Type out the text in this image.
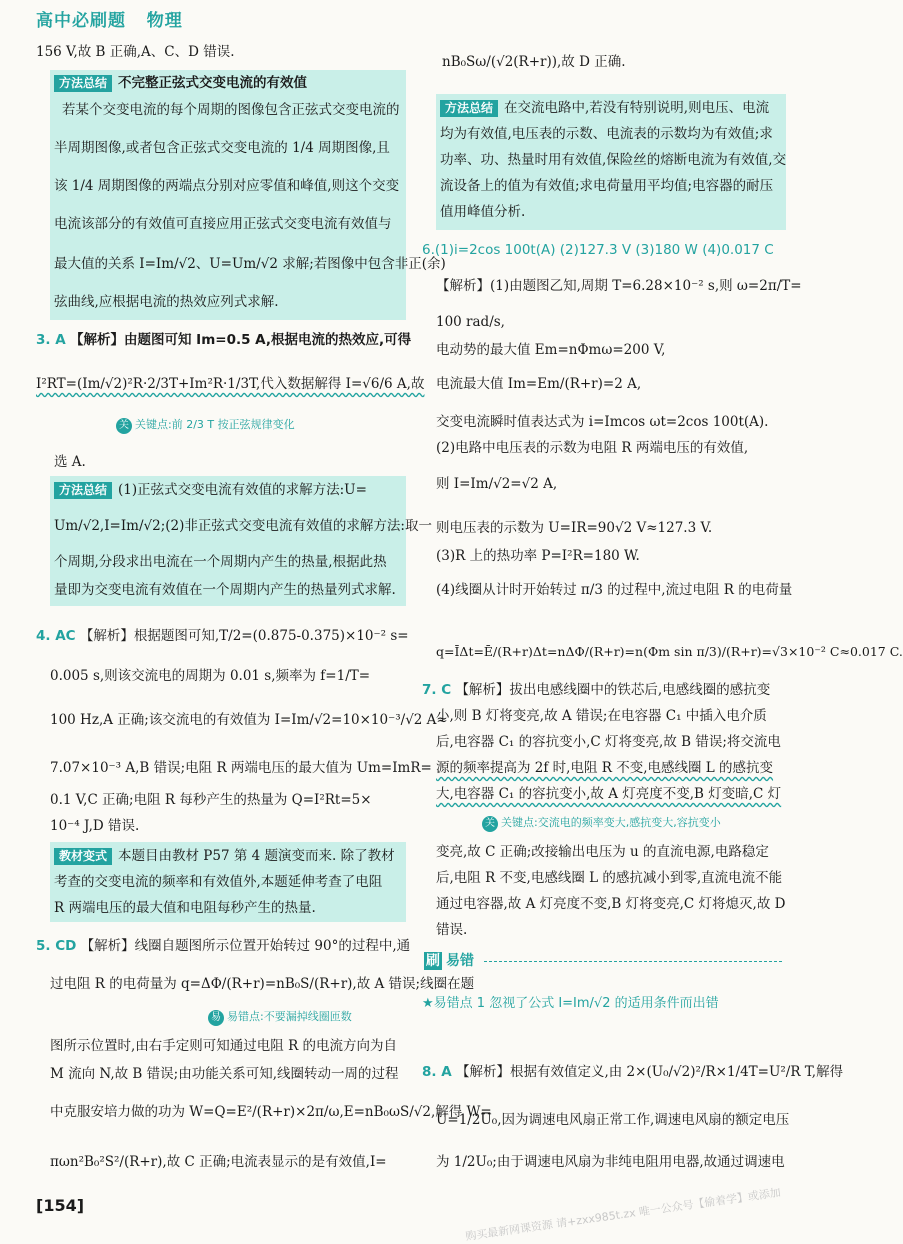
高中必刷题 物理
156 V,故 B 正确,A、C、D 错误.
方法总结 不完整正弦式交变电流的有效值
若某个交变电流的每个周期的图像包含正弦式交变电流的
半周期图像,或者包含正弦式交变电流的 1/4 周期图像,且
该 1/4 周期图像的两端点分别对应零值和峰值,则这个交变
电流该部分的有效值可直接应用正弦式交变电流有效值与
最大值的关系 I=Im/√2、U=Um/√2 求解;若图像中包含非正(余)
弦曲线,应根据电流的热效应列式求解.
3. A 【解析】由题图可知 Im=0.5 A,根据电流的热效应,可得
I²RT=(Im/√2)²R·2/3T+Im²R·1/3T,代入数据解得 I=√6/6 A,故
关 关键点:前 2/3 T 按正弦规律变化
选 A.
方法总结 (1)正弦式交变电流有效值的求解方法:U=
Um/√2,I=Im/√2;(2)非正弦式交变电流有效值的求解方法:取一
个周期,分段求出电流在一个周期内产生的热量,根据此热
量即为交变电流有效值在一个周期内产生的热量列式求解.
4. AC 【解析】根据题图可知,T/2=(0.875-0.375)×10⁻² s=
0.005 s,则该交流电的周期为 0.01 s,频率为 f=1/T=
100 Hz,A 正确;该交流电的有效值为 I=Im/√2=10×10⁻³/√2 A≈
7.07×10⁻³ A,B 错误;电阻 R 两端电压的最大值为 Um=ImR=
0.1 V,C 正确;电阻 R 每秒产生的热量为 Q=I²Rt=5×
10⁻⁴ J,D 错误.
教材变式 本题目由教材 P57 第 4 题演变而来. 除了教材
考查的交变电流的频率和有效值外,本题延伸考查了电阻
R 两端电压的最大值和电阻每秒产生的热量.
5. CD 【解析】线圈自题图所示位置开始转过 90°的过程中,通
过电阻 R 的电荷量为 q=ΔΦ/(R+r)=nB₀S/(R+r),故 A 错误;线圈在题
易 易错点:不要漏掉线圈匝数
图所示位置时,由右手定则可知通过电阻 R 的电流方向为自
M 流向 N,故 B 错误;由功能关系可知,线圈转动一周的过程
中克服安培力做的功为 W=Q=E²/(R+r)×2π/ω,E=nB₀ωS/√2,解得 W=
πωn²B₀²S²/(R+r),故 C 正确;电流表显示的是有效值,I=
nB₀Sω/(√2(R+r)),故 D 正确.
方法总结 在交流电路中,若没有特别说明,则电压、电流
均为有效值,电压表的示数、电流表的示数均为有效值;求
功率、功、热量时用有效值,保险丝的熔断电流为有效值,交
流设备上的值为有效值;求电荷量用平均值;电容器的耐压
值用峰值分析.
6.(1)i=2cos 100t(A) (2)127.3 V (3)180 W (4)0.017 C
【解析】(1)由题图乙知,周期 T=6.28×10⁻² s,则 ω=2π/T=
100 rad/s,
电动势的最大值 Em=nΦmω=200 V,
电流最大值 Im=Em/(R+r)=2 A,
交变电流瞬时值表达式为 i=Imcos ωt=2cos 100t(A).
(2)电路中电压表的示数为电阻 R 两端电压的有效值,
则 I=Im/√2=√2 A,
则电压表的示数为 U=IR=90√2 V≈127.3 V.
(3)R 上的热功率 P=I²R=180 W.
(4)线圈从计时开始转过 π/3 的过程中,流过电阻 R 的电荷量
q=ĪΔt=Ē/(R+r)Δt=nΔΦ/(R+r)=n(Φm sin π/3)/(R+r)=√3×10⁻² C≈0.017 C.
7. C 【解析】拔出电感线圈中的铁芯后,电感线圈的感抗变
小,则 B 灯将变亮,故 A 错误;在电容器 C₁ 中插入电介质
后,电容器 C₁ 的容抗变小,C 灯将变亮,故 B 错误;将交流电
源的频率提高为 2f 时,电阻 R 不变,电感线圈 L 的感抗变
大,电容器 C₁ 的容抗变小,故 A 灯亮度不变,B 灯变暗,C 灯
关 关键点:交流电的频率变大,感抗变大,容抗变小
变亮,故 C 正确;改接输出电压为 u 的直流电源,电路稳定
后,电阻 R 不变,电感线圈 L 的感抗减小到零,直流电流不能
通过电容器,故 A 灯亮度不变,B 灯将变亮,C 灯将熄灭,故 D
错误.
刷 易错
★易错点 1 忽视了公式 I=Im/√2 的适用条件而出错
8. A 【解析】根据有效值定义,由 2×(U₀/√2)²/R×1/4T=U²/R T,解得
U=1/2U₀,因为调速电风扇正常工作,调速电风扇的额定电压
为 1/2U₀;由于调速电风扇为非纯电阻用电器,故通过调速电
[154]	购买最新网课资源 请+zxx985t.zx 唯一公众号【偷着学】或添加
